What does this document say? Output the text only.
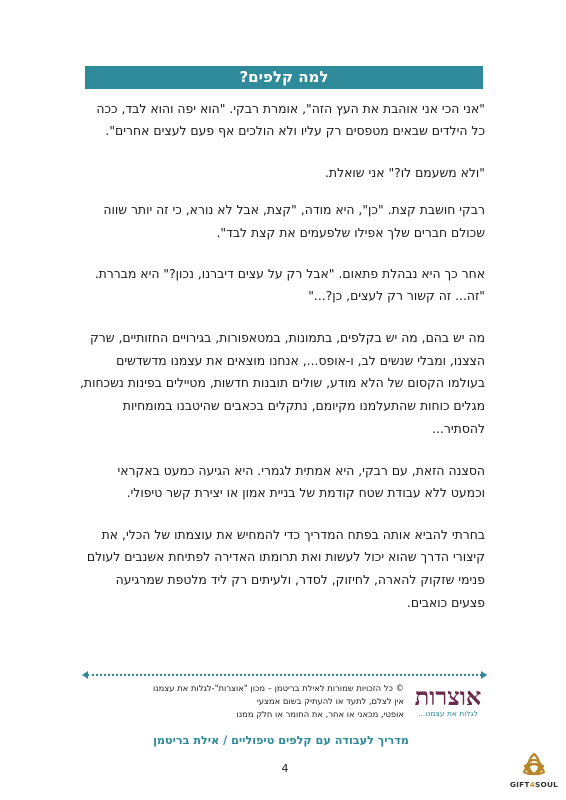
למה קלפים?

"אני הכי אני אוהבת את העץ הזה", אומרת רבקי. "הוא יפה והוא לבד, ככה כל הילדים שבאים מטפסים רק עליו ולא הולכים אף פעם לעצים אחרים".

"ולא משעמם לו?" אני שואלת.

רבקי חושבת קצת. "כן", היא מודה, "קצת, אבל לא נורא, כי זה יותר שווה שכולם חברים שלך אפילו שלפעמים את קצת לבד".

אחר כך היא נבהלת פתאום. "אבל רק על עצים דיברנו, נכון?" היא מבררת. "זה... זה קשור רק לעצים, כן?..."

מה יש בהם, מה יש בקלפים, בתמונות, במטאפורות, בגירויים החזותיים, שרק הצצנו, ומבלי שנשים לב, ו-אופס..., אנחנו מוצאים את עצמנו מדשדשים בעולמו הקסום של הלא מודע, שולים תובנות חדשות, מטיילים בפינות נשכחות, מגלים כוחות שהתעלמנו מקיומם, נתקלים בכאבים שהיטבנו במומחיות להסתיר...

הסצנה הזאת, עם רבקי, היא אמתית לגמרי. היא הגיעה כמעט באקראי וכמעט ללא עבודת שטח קודמת של בניית אמון או יצירת קשר טיפולי.

בחרתי להביא אותה בפתח המדריך כדי להמחיש את עוצמתו של הכלי, את קיצורי הדרך שהוא יכול לעשות ואת תרומתו האדירה לפתיחת אשנבים לעולם פנימי שזקוק להארה, לחיזוק, לסדר, ולעיתים רק ליד מלטפת שמרגיעה פצעים כואבים.

© כל הזכויות שמורות לאילת בריטמן – מכון "אוצרות"-לגלות את עצמנו
אין לצלם, לתעד או להעתיק בשום אמצעי
אופטי, מכאני או אחר, את החומר או חלק ממנו
אוצרות
לגלות את עצמנו...
מדריך לעבודה עם קלפים טיפוליים / אילת בריטמן
4
GIFT4SOUL
